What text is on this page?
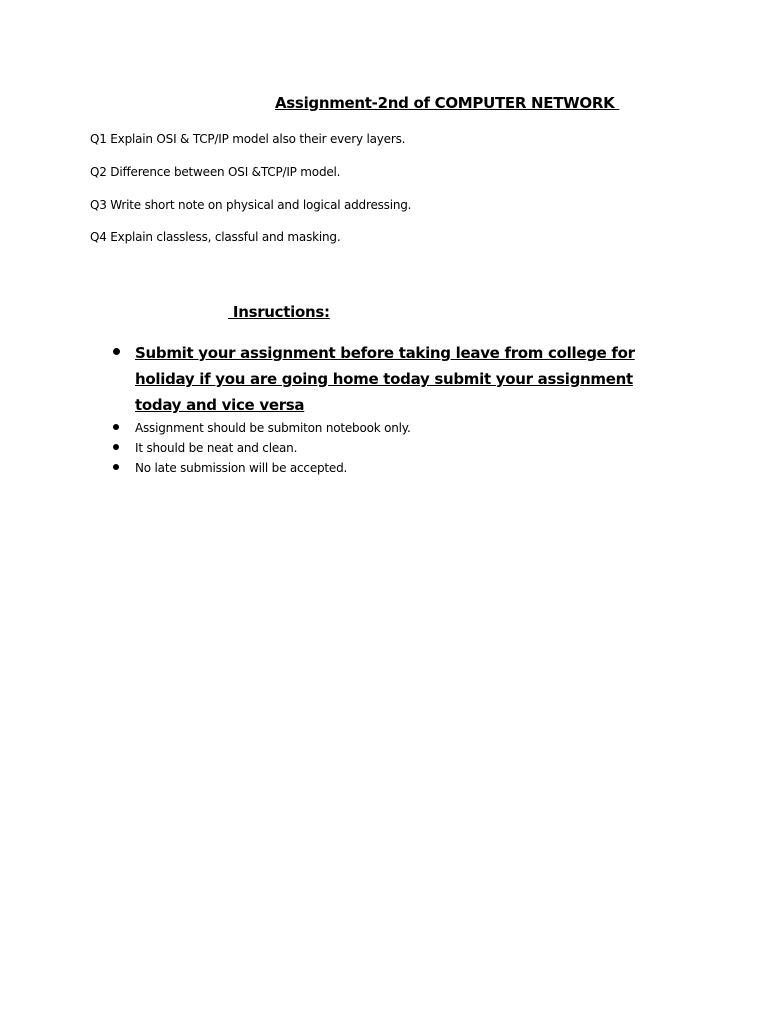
Assignment-2nd of COMPUTER NETWORK
Q1 Explain OSI & TCP/IP model also their every layers.
Q2 Difference between OSI &TCP/IP model.
Q3 Write short note on physical and logical addressing.
Q4 Explain classless, classful and masking.
Insructions:
Submit your assignment before taking leave from college for holiday if you are going home today submit your assignment today and vice versa
Assignment should be submiton notebook only.
It should be neat and clean.
No late submission will be accepted.
